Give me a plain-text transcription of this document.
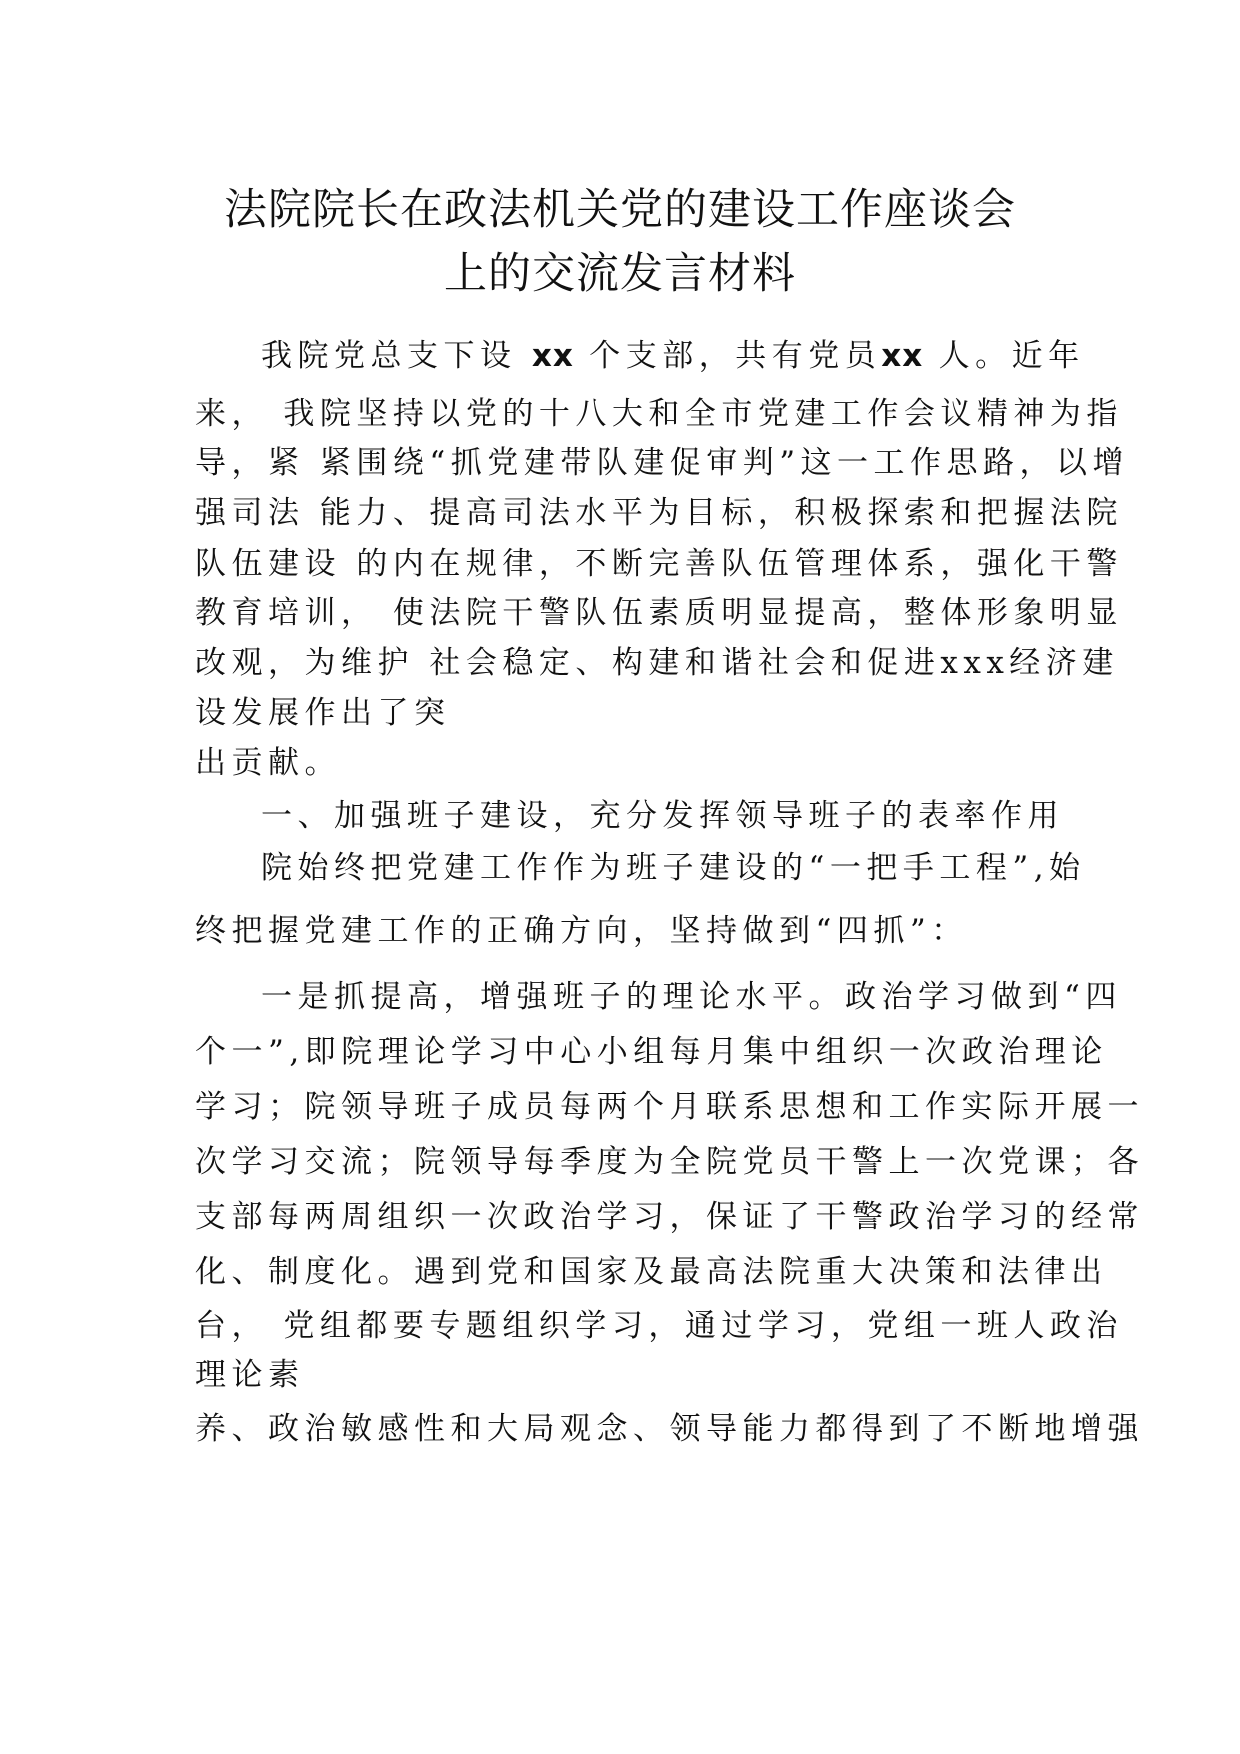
法院院长在政法机关党的建设工作座谈会
上的交流发言材料

我院党总支下设 xx 个支部，共有党员xx 人。近年

来， 我院坚持以党的十八大和全市党建工作会议精神为指

导，紧 紧围绕“抓党建带队建促审判”这一工作思路，以增

强司法 能力、提高司法水平为目标，积极探索和把握法院

队伍建设 的内在规律，不断完善队伍管理体系，强化干警

教育培训， 使法院干警队伍素质明显提高，整体形象明显

改观，为维护 社会稳定、构建和谐社会和促进xxx经济建

设发展作出了突

出贡献。

一、加强班子建设，充分发挥领导班子的表率作用

院始终把党建工作作为班子建设的“一把手工程”,始

终把握党建工作的正确方向，坚持做到“四抓”：

一是抓提高，增强班子的理论水平。政治学习做到“四

个一”,即院理论学习中心小组每月集中组织一次政治理论

学习；院领导班子成员每两个月联系思想和工作实际开展一

次学习交流；院领导每季度为全院党员干警上一次党课；各

支部每两周组织一次政治学习，保证了干警政治学习的经常

化、制度化。遇到党和国家及最高法院重大决策和法律出

台， 党组都要专题组织学习，通过学习，党组一班人政治

理论素

养、政治敏感性和大局观念、领导能力都得到了不断地增强
